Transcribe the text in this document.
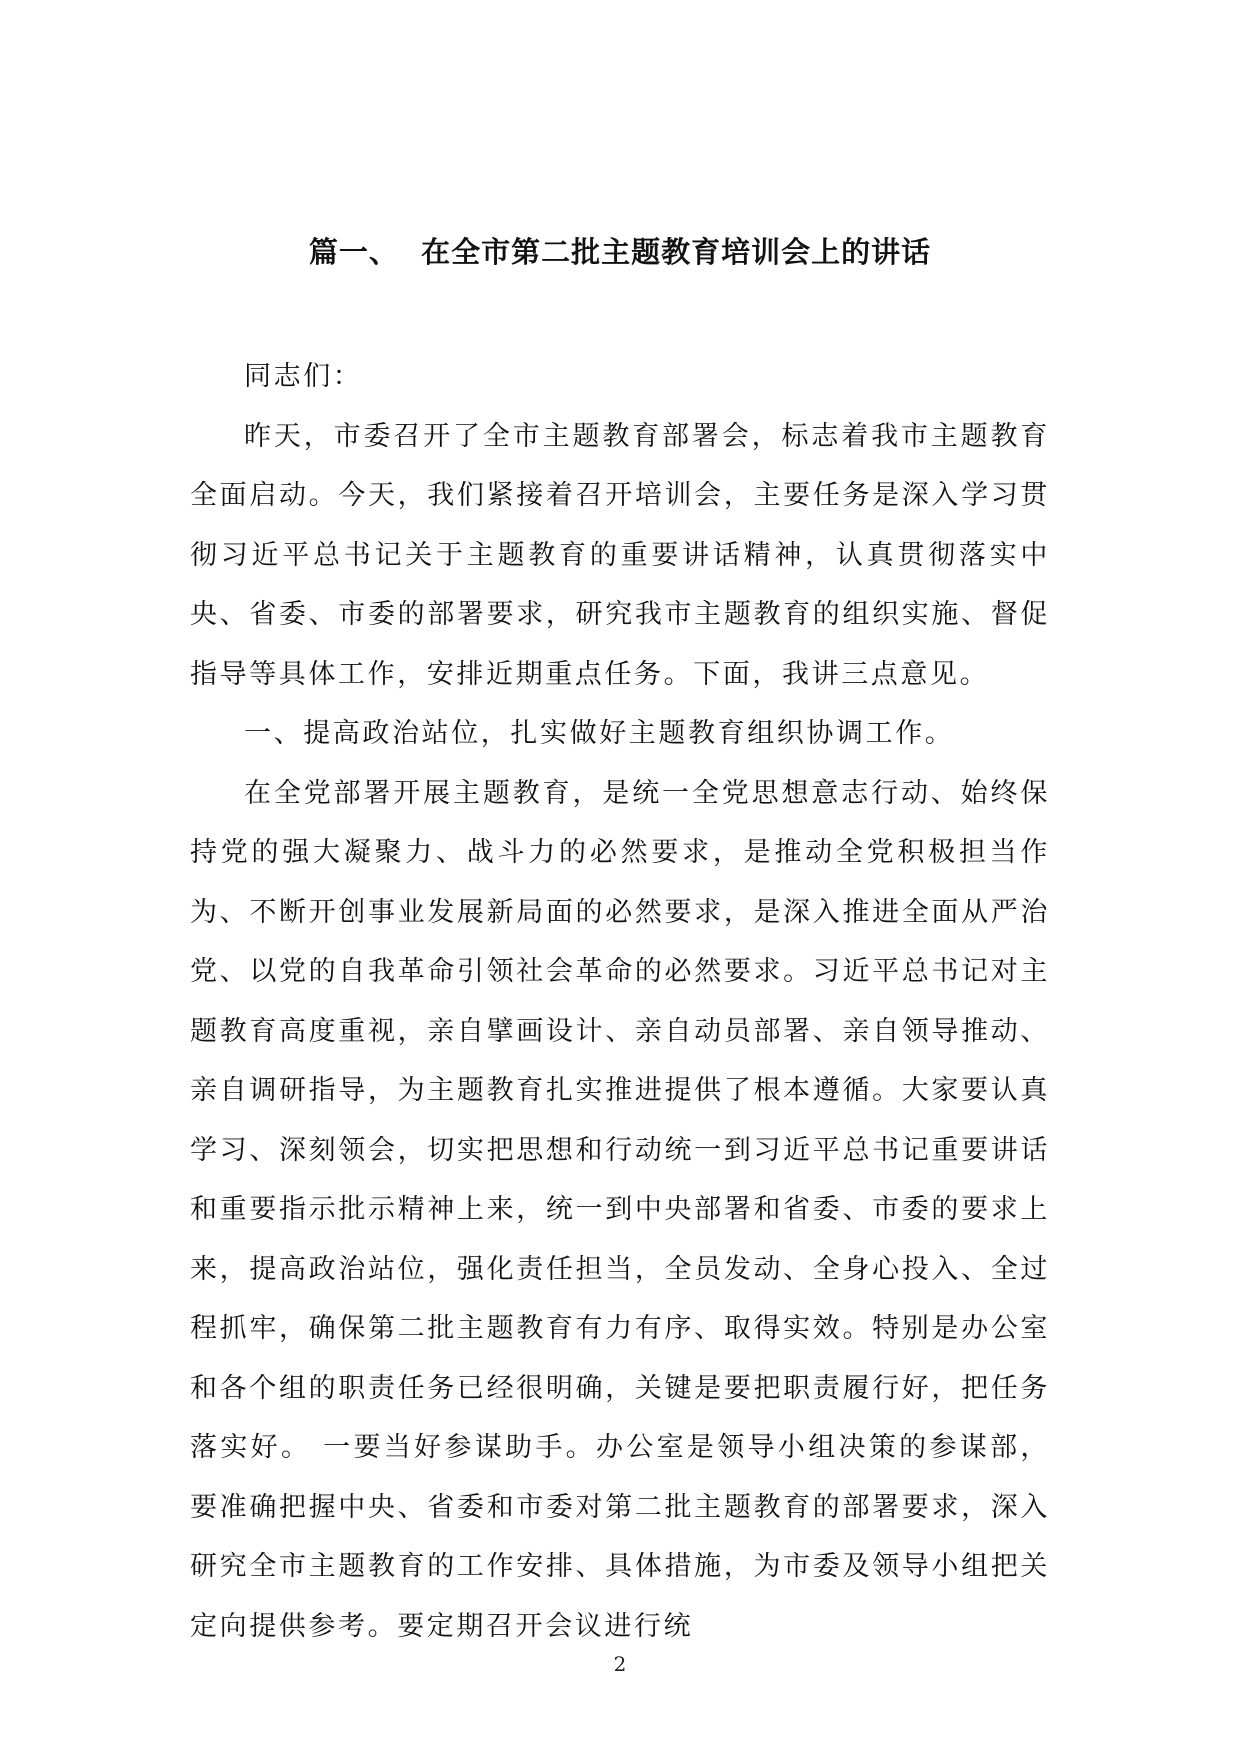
篇一、  在全市第二批主题教育培训会上的讲话

同志们：

昨天，市委召开了全市主题教育部署会，标志着我市主题教育全面启动。今天，我们紧接着召开培训会，主要任务是深入学习贯彻习近平总书记关于主题教育的重要讲话精神，认真贯彻落实中央、省委、市委的部署要求，研究我市主题教育的组织实施、督促指导等具体工作，安排近期重点任务。下面，我讲三点意见。

一、提高政治站位，扎实做好主题教育组织协调工作。

在全党部署开展主题教育，是统一全党思想意志行动、始终保持党的强大凝聚力、战斗力的必然要求，是推动全党积极担当作为、不断开创事业发展新局面的必然要求，是深入推进全面从严治党、以党的自我革命引领社会革命的必然要求。习近平总书记对主题教育高度重视，亲自擘画设计、亲自动员部署、亲自领导推动、亲自调研指导，为主题教育扎实推进提供了根本遵循。大家要认真学习、深刻领会，切实把思想和行动统一到习近平总书记重要讲话和重要指示批示精神上来，统一到中央部署和省委、市委的要求上来，提高政治站位，强化责任担当，全员发动、全身心投入、全过程抓牢，确保第二批主题教育有力有序、取得实效。特别是办公室和各个组的职责任务已经很明确，关键是要把职责履行好，把任务落实好。 一要当好参谋助手。办公室是领导小组决策的参谋部，要准确把握中央、省委和市委对第二批主题教育的部署要求，深入研究全市主题教育的工作安排、具体措施，为市委及领导小组把关定向提供参考。要定期召开会议进行统

2
